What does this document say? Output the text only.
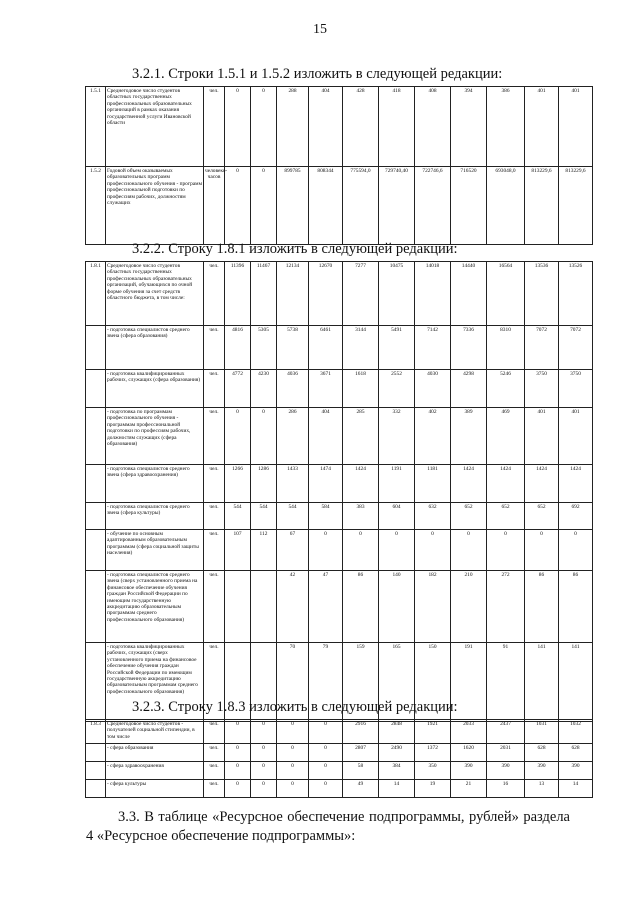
15
3.2.1. Строки 1.5.1 и 1.5.2 изложить в следующей редакции:
1.5.1	Среднегодовое число студентов областных государственных профессиональных образовательных организаций в рамках оказания государственной услуги Ивановской области	чел.	0	0	288	404	428	418	408	394	386	401	401
1.5.2	Годовой объем оказываемых образовательных программ профессионального обучения - программ профессиональной подготовки по профессиям рабочих, должностям служащих	человеко-часов	0	0	899785	808344	775594,0	729740,40	722746,6	716520	693048,0	813229,6	813229,6
3.2.2. Строку 1.8.1 изложить в следующей редакции:
1.8.1	Среднегодовое число студентов областных государственных профессиональных образовательных организаций, обучающихся по очной форме обучения за счет средств областного бюджета, в том числе:	чел.	11396	11467	12134	12670	7277	10475	14018	14440	16564	13536	13526
	- подготовка специалистов среднего звена (сфера образования)	чел.	4816	5305	5738	6461	3144	5491	7142	7336	8310	7072	7072
	- подготовка квалифицированных рабочих, служащих (сфера образования)	чел.	4772	4230	4036	3671	1618	2552	4030	4298	5246	3750	3750
	- подготовка по программам профессионального обучения - программам профессиональной подготовки по профессиям рабочих, должностям служащих (сфера образования)	чел.	0	0	286	404	285	332	402	389	469	401	401
	- подготовка специалистов среднего звена (сфера здравоохранения)	чел.	1266	1286	1433	1474	1424	1191	1181	1424	1424	1424	1424
	- подготовка специалистов среднего звена (сфера культуры)	чел.	544	544	544	584	383	604	632	652	652	652	692
	- обучение по основным адаптированным образовательным программам (сфера социальной защиты населения)	чел.	107	112	67	0	0	0	0	0	0	0	0
	- подготовка специалистов среднего звена (сверх установленного приема на финансовое обеспечение обучения граждан Российской Федерации по имеющим государственную аккредитацию образовательным программам среднего профессионального образования)	чел.			42	47	86	140	182	210	272	86	86
	- подготовка квалифицированных рабочих, служащих (сверх установленного приема на финансовое обеспечение обучения граждан Российской Федерации по имеющим государственную аккредитацию образовательным программам среднего профессионального образования)	чел.			70	79	159	165	150	191	91	141	141
3.2.3. Строку 1.8.3 изложить в следующей редакции:
1.8.3	Среднегодовое число студентов - получателей социальной стипендии, в том числе	чел.	0	0	0	0	2916	2848	1921	2033	2437	1031	1032
	- сфера образования	чел.	0	0	0	0	2807	2490	1372	1620	2031	628	628
	- сфера здравоохранения	чел.	0	0	0	0	58	384	350	390	390	390	390
	- сфера культуры	чел.	0	0	0	0	49	14	19	21	16	13	14
3.3. В таблице «Ресурсное обеспечение подпрограммы, рублей» раздела 4 «Ресурсное обеспечение подпрограммы»:
